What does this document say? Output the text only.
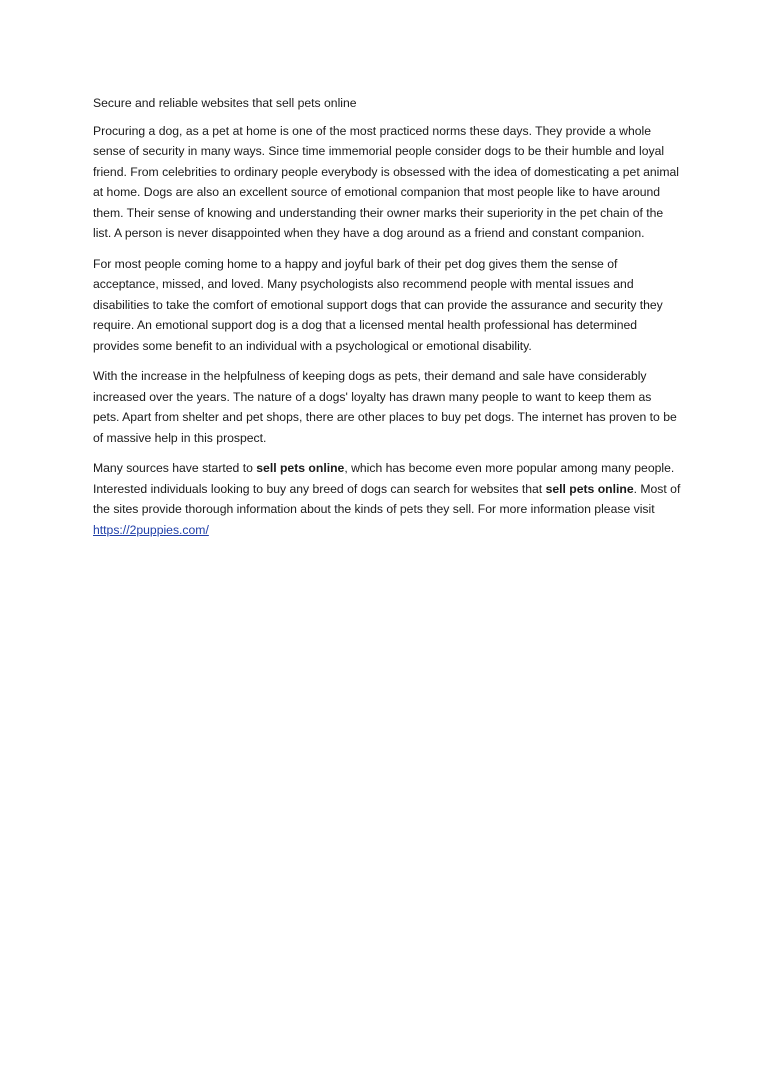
Secure and reliable websites that sell pets online

Procuring a dog, as a pet at home is one of the most practiced norms these days. They provide a whole sense of security in many ways. Since time immemorial people consider dogs to be their humble and loyal friend. From celebrities to ordinary people everybody is obsessed with the idea of domesticating a pet animal at home. Dogs are also an excellent source of emotional companion that most people like to have around them. Their sense of knowing and understanding their owner marks their superiority in the pet chain of the list. A person is never disappointed when they have a dog around as a friend and constant companion.

For most people coming home to a happy and joyful bark of their pet dog gives them the sense of acceptance, missed, and loved. Many psychologists also recommend people with mental issues and disabilities to take the comfort of emotional support dogs that can provide the assurance and security they require. An emotional support dog is a dog that a licensed mental health professional has determined provides some benefit to an individual with a psychological or emotional disability.

With the increase in the helpfulness of keeping dogs as pets, their demand and sale have considerably increased over the years. The nature of a dogs' loyalty has drawn many people to want to keep them as pets. Apart from shelter and pet shops, there are other places to buy pet dogs. The internet has proven to be of massive help in this prospect.

Many sources have started to sell pets online, which has become even more popular among many people. Interested individuals looking to buy any breed of dogs can search for websites that sell pets online. Most of the sites provide thorough information about the kinds of pets they sell. For more information please visit https://2puppies.com/
